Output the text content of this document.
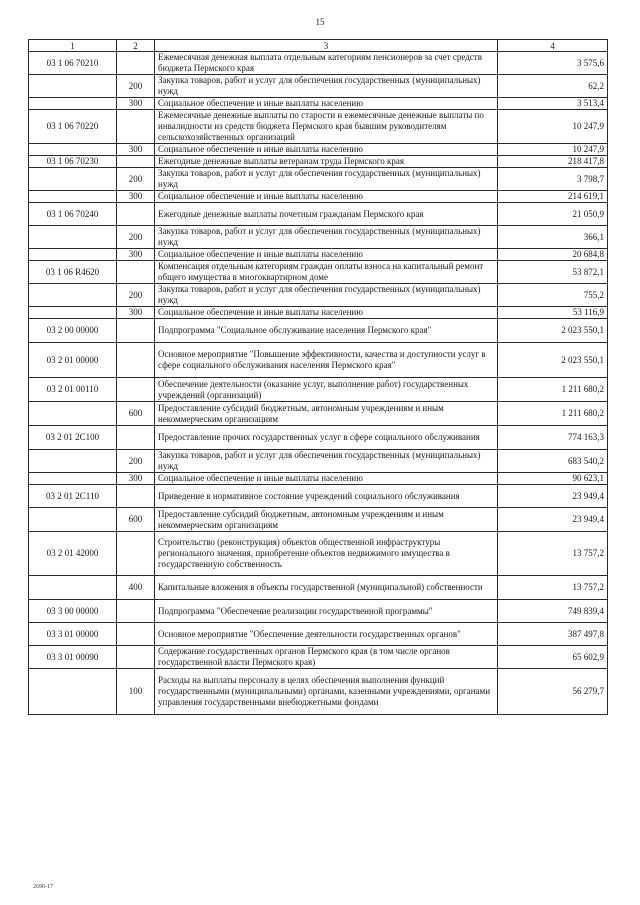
15
1	2	3	4
03 1 06 70210		Ежемесячная денежная выплата отдельным категориям пенсионеров за счет средств бюджета Пермского края	3 575,6
	200	Закупка товаров, работ и услуг для обеспечения государственных (муниципальных) нужд	62,2
	300	Социальное обеспечение и иные выплаты населению	3 513,4
03 1 06 70220		Ежемесячные денежные выплаты по старости и ежемесячные денежные выплаты по инвалидности из средств бюджета Пермского края бывшим руководителям сельскохозяйственных организаций	10 247,9
	300	Социальное обеспечение и иные выплаты населению	10 247,9
03 1 06 70230		Ежегодные денежные выплаты ветеранам труда Пермского края	218 417,8
	200	Закупка товаров, работ и услуг для обеспечения государственных (муниципальных) нужд	3 798,7
	300	Социальное обеспечение и иные выплаты населению	214 619,1
03 1 06 70240		Ежегодные денежные выплаты почетным гражданам Пермского края	21 050,9
	200	Закупка товаров, работ и услуг для обеспечения государственных (муниципальных) нужд	366,1
	300	Социальное обеспечение и иные выплаты населению	20 684,8
03 1 06 R4620		Компенсация отдельным категориям граждан оплаты взноса на капитальный ремонт общего имущества в многоквартирном доме	53 872,1
	200	Закупка товаров, работ и услуг для обеспечения государственных (муниципальных) нужд	755,2
	300	Социальное обеспечение и иные выплаты населению	53 116,9
03 2 00 00000		Подпрограмма "Социальное обслуживание населения Пермского края"	2 023 550,1
03 2 01 00000		Основное мероприятие "Повышение эффективности, качества и доступности услуг в сфере социального обслуживания населения Пермского края"	2 023 550,1
03 2 01 00110		Обеспечение деятельности (оказание услуг, выполнение работ) государственных учреждений (организаций)	1 211 680,2
	600	Предоставление субсидий бюджетным, автономным учреждениям и иным некоммерческим организациям	1 211 680,2
03 2 01 2С100		Предоставление прочих государственных услуг в сфере социального обслуживания	774 163,3
	200	Закупка товаров, работ и услуг для обеспечения государственных (муниципальных) нужд	683 540,2
	300	Социальное обеспечение и иные выплаты населению	90 623,1
03 2 01 2С110		Приведение в нормативное состояние учреждений социального обслуживания	23 949,4
	600	Предоставление субсидий бюджетным, автономным учреждениям и иным некоммерческим организациям	23 949,4
03 2 01 42000		Строительство (реконструкция) объектов общественной инфраструктуры регионального значения, приобретение объектов недвижимого имущества в государственную собственность	13 757,2
	400	Капитальные вложения в объекты государственной (муниципальной) собственности	13 757,2
03 3 00 00000		Подпрограмма "Обеспечение реализации государственной программы"	749 839,4
03 3 01 00000		Основное мероприятие "Обеспечение деятельности государственных органов"	387 497,8
03 3 01 00090		Содержание государственных органов Пермского края (в том числе органов государственной власти Пермского края)	65 602,9
	100	Расходы на выплаты персоналу в целях обеспечения выполнения функций государственными (муниципальными) органами, казенными учреждениями, органами управления государственными внебюджетными фондами	56 279,7
2690-17
